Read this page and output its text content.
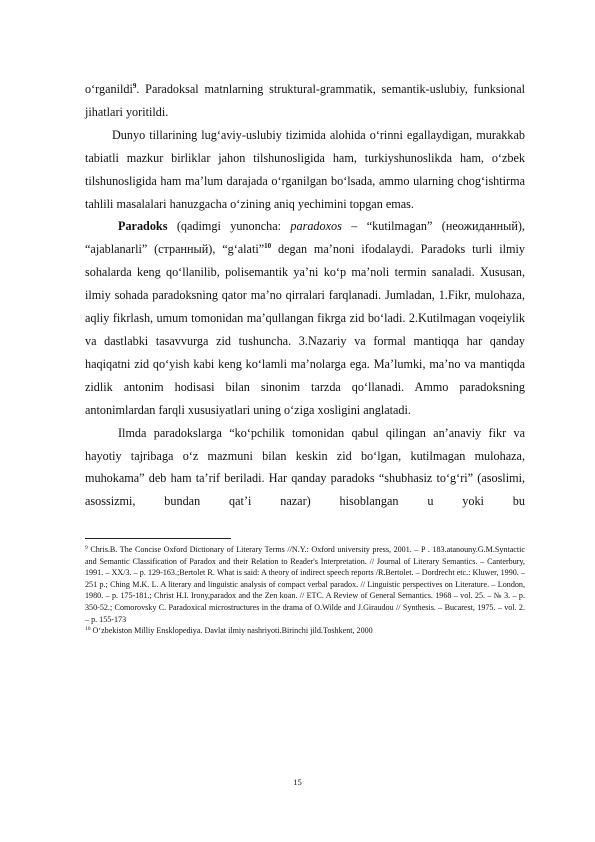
o‘rganildi$^9$. Paradoksal matnlarning struktural-grammatik, semantik-uslubiy, funksional jihatlari yoritildi.

Dunyo tillarining lug‘aviy-uslubiy tizimida alohida o‘rinni egallaydigan, murakkab tabiatli mazkur birliklar jahon tilshunosligida ham, turkiyshunoslikda ham, o‘zbek tilshunosligida ham ma’lum darajada o‘rganilgan bo‘lsada, ammo ularning chog‘ishtirma tahlili masalalari hanuzgacha o‘zining aniq yechimini topgan emas.

Paradoks (qadimgi yunoncha: paradoxos – “kutilmagan” (неожиданный), “ajablanarli” (странный), “g‘alati”$^{10}$ degan ma’noni ifodalaydi. Paradoks turli ilmiy sohalarda keng qo‘llanilib, polisemantik ya’ni ko‘p ma’noli termin sanaladi. Xususan, ilmiy sohada paradoksning qator ma’no qirralari farqlanadi. Jumladan, 1.Fikr, mulohaza, aqliy fikrlash, umum tomonidan ma’qullangan fikrga zid bo‘ladi. 2.Kutilmagan voqeiylik va dastlabki tasavvurga zid tushuncha. 3.Nazariy va formal mantiqqa har qanday haqiqatni zid qo‘yish kabi keng ko‘lamli ma’nolarga ega. Ma’lumki, ma’no va mantiqda zidlik antonim hodisasi bilan sinonim tarzda qo‘llanadi. Ammo paradoksning antonimlardan farqli xususiyatlari uning o‘ziga xosligini anglatadi.

Ilmda paradokslarga “ko‘pchilik tomonidan qabul qilingan an’anaviy fikr va hayotiy tajribaga o‘z mazmuni bilan keskin zid bo‘lgan, kutilmagan mulohaza, muhokama” deb ham ta’rif beriladi. Har qanday paradoks “shubhasiz to‘g‘ri” (asoslimi, asossizmi, bundan qat’i nazar) hisoblangan u yoki bu

$^9$ Chris.B. The Concise Oxford Dictionary of Literary Terms //N.Y.: Oxford university press, 2001. – P . 183.atanouny.G.M.Syntactic and Semantic Classification of Paradox and their Relation to Reader's Interpretation. // Journal of Literary Semantics. – Canterbury, 1991. – XX/3. – p. 129-163.;Bertolet R. What is said: A theory of indirect speech reports /R.Bertolet. – Dordrecht etc.: Kluwer, 1990. – 251 p.; Ching M.K. L. A literary and linguistic analysis of compact verbal paradox. // Linguistic perspectives on Literature. – London, 1980. – p. 175-181.; Christ H.I. Irony,paradox and the Zen koan. // ETC. A Review of General Semantics. 1968 – vol. 25. – № 3. – p. 350-52.; Comorovsky C. Paradoxical microstructures in the drama of O.Wilde and J.Giraudou // Synthesis. – Bucarest, 1975. – vol. 2. – p. 155-173

$^{10}$ O‘zbekiston Milliy Ensklopediya. Davlat ilmiy nashriyoti.Birinchi jild.Toshkent, 2000

15
